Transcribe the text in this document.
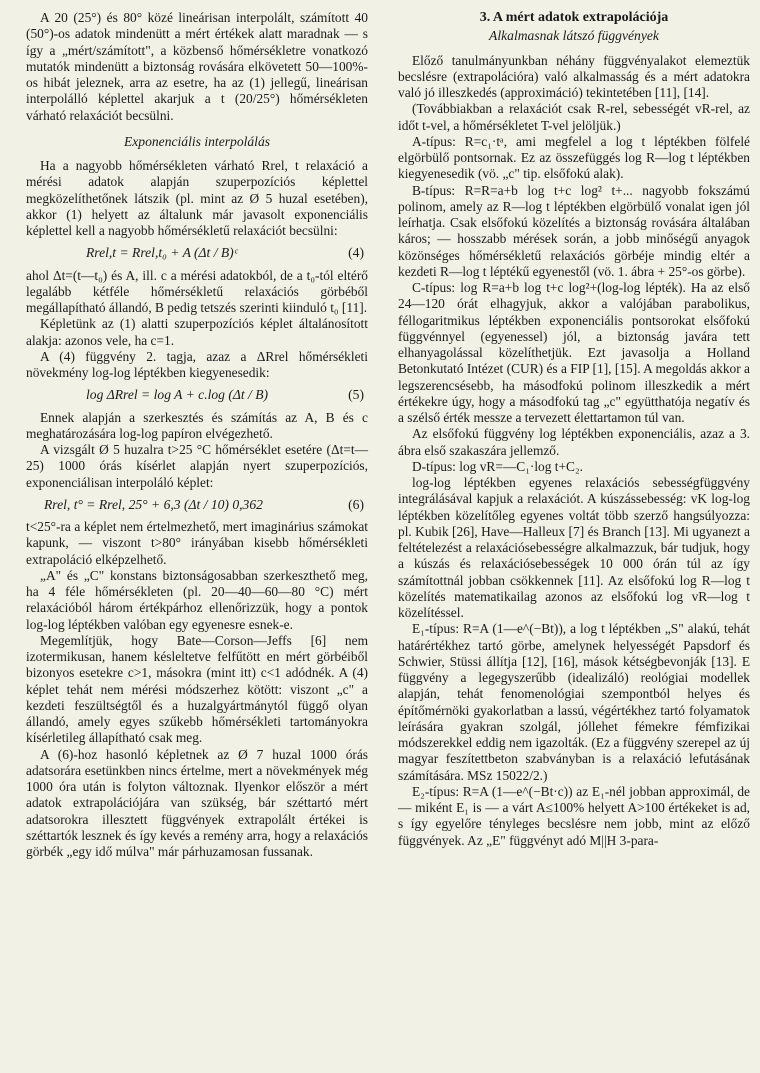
A 20 (25°) és 80° közé lineárisan interpolált, számított 40 (50°)-os adatok mindenütt a mért értékek alatt maradnak — s így a „mért/számított", a közbenső hőmérsékletre vonatkozó mutatók mindenütt a biztonság rovására elkövetett 50—100%-os hibát jeleznek, arra az esetre, ha az (1) jellegű, lineárisan interpolálló képlettel akarjuk a t (20/25°) hőmérsékleten várható relaxációt becsülni.

Exponenciális interpolálás

Ha a nagyobb hőmérsékleten várható Rrel, t relaxáció a mérési adatok alapján szuperpozíciós képlettel megközelíthetőnek látszik (pl. mint az Ø 5 huzal esetében), akkor (1) helyett az általunk már javasolt exponenciális képlettel kell a nagyobb hőmérsékletű relaxációt becsülni:

Rrel,t = Rrel,t₀ + A (Δt / B)ᶜ	(4)

ahol Δt=(t—t₀) és A, ill. c a mérési adatokból, de a t₀-tól eltérő legalább kétféle hőmérsékletű relaxációs görbéből megállapítható állandó, B pedig tetszés szerinti kiinduló t₀ [11].

Képletünk az (1) alatti szuperpozíciós képlet általánosított alakja: azonos vele, ha c=1.

A (4) függvény 2. tagja, azaz a ΔRrel hőmérsékleti növekmény log-log léptékben kiegyenesedik:

log ΔRrel = log A + c.log (Δt / B)	(5)

Ennek alapján a szerkesztés és számítás az A, B és c meghatározására log-log papíron elvégezhető.

A vizsgált Ø 5 huzalra t>25 °C hőmérséklet esetére (Δt=t—25) 1000 órás kísérlet alapján nyert szuperpozíciós, exponenciálisan interpoláló képlet:

Rrel, t° = Rrel, 25° + 6,3 (Δt / 10) 0,362	(6)

t<25°-ra a képlet nem értelmezhető, mert imaginárius számokat kapunk, — viszont t>80° irányában kisebb hőmérsékleti extrapoláció elképzelhető.

„A" és „C" konstans biztonságosabban szerkeszthető meg, ha 4 féle hőmérsékleten (pl. 20—40—60—80 °C) mért relaxációból három értékpárhoz ellenőrizzük, hogy a pontok log-log léptékben valóban egy egyenesre esnek-e.

Megemlítjük, hogy Bate—Corson—Jeffs [6] nem izotermikusan, hanem késleltetve felfűtött en mért görbéiből bizonyos esetekre c>1, másokra (mint itt) c<1 adódnék. A (4) képlet tehát nem mérési módszerhez kötött: viszont „c" a kezdeti feszültségtől és a huzalgyártmánytól függő olyan állandó, amely egyes szűkebb hőmérsékleti tartományokra kísérletileg állapítható csak meg.

A (6)-hoz hasonló képletnek az Ø 7 huzal 1000 órás adatsorára esetünkben nincs értelme, mert a növekmények még 1000 óra után is folyton változnak. Ilyenkor először a mért adatok extrapolációjára van szükség, bár széttartó mért adatsorokra illesztett függvények extrapolált értékei is széttartók lesznek és így kevés a remény arra, hogy a relaxációs görbék „egy idő múlva" már párhuzamosan fussanak.

3. A mért adatok extrapolációja
Alkalmasnak látszó függvények

Előző tanulmányunkban néhány függvényalakot elemeztük becslésre (extrapolációra) való alkalmasság és a mért adatokra való jó illeszkedés (approximáció) tekintetében [11], [14].

(Továbbiakban a relaxációt csak R-rel, sebességét vR-rel, az időt t-vel, a hőmérsékletet T-vel jelöljük.)

A-típus: R=c₁·tᵃ, ami megfelel a log t léptékben fölfelé elgörbülő pontsornak. Ez az összefüggés log R—log t léptékben kiegyenesedik (vö. „c" tip. elsőfokú alak).

B-típus: R=R=a+b log t+c log² t+... nagyobb fokszámú polinom, amely az R—log t léptékben elgörbülő vonalat igen jól leírhatja. Csak elsőfokú közelítés a biztonság rovására általában káros; — hosszabb mérések során, a jobb minőségű anyagok közönséges hőmérsékletű relaxációs görbéje mindig eltér a kezdeti R—log t léptékű egyenestől (vö. 1. ábra + 25°-os görbe).

C-típus: log R=a+b log t+c log²+(log-log lépték). Ha az első 24—120 órát elhagyjuk, akkor a valójában parabolikus, féllogaritmikus léptékben exponenciális pontsorokat elsőfokú függvénnyel (egyenessel) jól, a biztonság javára tett elhanyagolással közelíthetjük. Ezt javasolja a Holland Betonkutató Intézet (CUR) és a FIP [1], [15]. A megoldás akkor a legszerencsésebb, ha másodfokú polinom illeszkedik a mért értékekre úgy, hogy a másodfokú tag „c" együtthatója negatív és a szélső érték messze a tervezett élettartamon túl van.

Az elsőfokú függvény log léptékben exponenciális, azaz a 3. ábra első szakaszára jellemző.

D-típus: log vR=—C₁·log t+C₂.

log-log léptékben egyenes relaxációs sebességfüggvény integrálásával kapjuk a relaxációt. A kúszássebesség: vK log-log léptékben közelítőleg egyenes voltát több szerző hangsúlyozza: pl. Kubik [26], Have—Halleux [7] és Branch [13]. Mi ugyanezt a feltételezést a relaxációsebességre alkalmazzuk, bár tudjuk, hogy a kúszás és relaxációsebességek 10 000 órán túl az így számítottnál jobban csökkennek [11]. Az elsőfokú log R—log t közelítés matematikailag azonos az elsőfokú log vR—log t közelítéssel.

E₁-típus: R=A (1—e^(−Bt)), a log t léptékben „S" alakú, tehát határértékhez tartó görbe, amelynek helyességét Papsdorf és Schwier, Stüssi állítja [12], [16], mások kétségbevonják [13]. E függvény a legegyszerűbb (idealizáló) reológiai modellek alapján, tehát fenomenológiai szempontból helyes és építőmérnöki gyakorlatban a lassú, végértékhez tartó folyamatok leírására gyakran szolgál, jóllehet fémekre fémfizikai módszerekkel eddig nem igazolták. (Ez a függvény szerepel az új magyar feszítettbeton szabványban is a relaxáció lefutásának számítására. MSz 15022/2.)

E₂-típus: R=A (1—e^(−Bt·c)) az E₁-nél jobban approximál, de — miként E₁ is — a várt A≤100% helyett A>100 értékeket is ad, s így egyelőre tényleges becslésre nem jobb, mint az előző függvények. Az „E" függvényt adó M||H 3-para-
